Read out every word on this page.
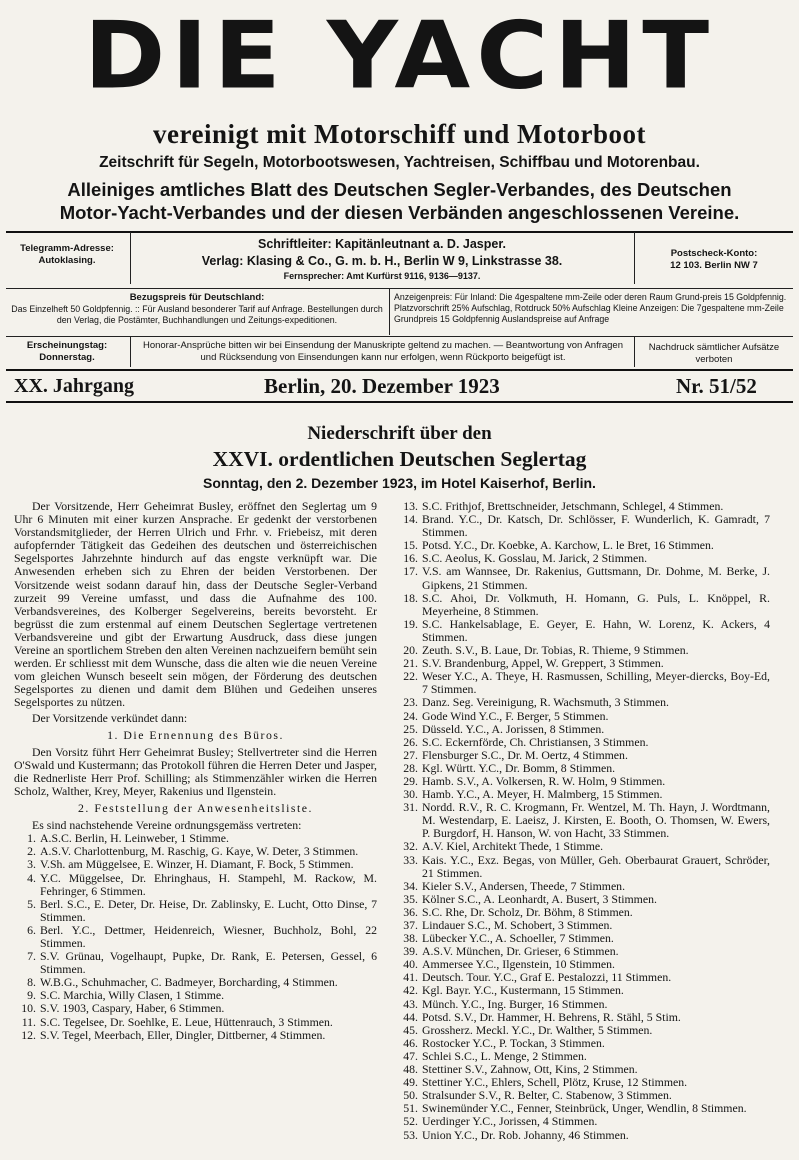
DIE YACHT
vereinigt mit Motorschiff und Motorboot
Zeitschrift für Segeln, Motorbootswesen, Yachtreisen, Schiffbau und Motorenbau.
Alleiniges amtliches Blatt des Deutschen Segler-Verbandes, des Deutschen
Motor-Yacht-Verbandes und der diesen Verbänden angeschlossenen Vereine.
Telegramm-Adresse:
Autoklasing.
Schriftleiter: Kapitänleutnant a. D. Jasper.
Verlag: Klasing & Co., G. m. b. H., Berlin W 9, Linkstrasse 38.
Fernsprecher: Amt Kurfürst 9116, 9136—9137.
Postscheck-Konto:
12 103. Berlin NW 7
Bezugspreis für Deutschland:
Das Einzelheft 50 Goldpfennig. :: Für Ausland besonderer Tarif auf Anfrage. Bestellungen durch den Verlag, die Postämter, Buchhandlungen und Zeitungs-expeditionen.
Anzeigenpreis: Für Inland: Die 4gespaltene mm-Zeile oder deren Raum Grund-preis 15 Goldpfennig. Platzvorschrift 25% Aufschlag, Rotdruck 50% Aufschlag Kleine Anzeigen: Die 7gespaltene mm-Zeile Grundpreis 15 Goldpfennig Auslandspreise auf Anfrage
Erscheinungstag:
Donnerstag.
Honorar-Ansprüche bitten wir bei Einsendung der Manuskripte geltend zu machen. — Beantwortung von Anfragen und Rücksendung von Einsendungen kann nur erfolgen, wenn Rückporto beigefügt ist.
Nachdruck sämtlicher Aufsätze verboten
XX. Jahrgang	Berlin, 20. Dezember 1923	Nr. 51/52
Niederschrift über den
XXVI. ordentlichen Deutschen Seglertag
Sonntag, den 2. Dezember 1923, im Hotel Kaiserhof, Berlin.

Der Vorsitzende, Herr Geheimrat Busley, eröffnet den Seglertag um 9 Uhr 6 Minuten mit einer kurzen Ansprache. Er gedenkt der verstorbenen Vorstandsmitglieder, der Herren Ulrich und Frhr. v. Friebeisz, mit deren aufopfernder Tätigkeit das Gedeihen des deutschen und österreichischen Segelsportes Jahrzehnte hindurch auf das engste verknüpft war. Die Anwesenden erheben sich zu Ehren der beiden Verstorbenen. Der Vorsitzende weist sodann darauf hin, dass der Deutsche Segler-Verband zurzeit 99 Vereine umfasst, und dass die Aufnahme des 100. Verbandsvereines, des Kolberger Segelvereins, bereits bevorsteht. Er begrüsst die zum erstenmal auf einem Deutschen Seglertage vertretenen Verbandsvereine und gibt der Erwartung Ausdruck, dass diese jungen Vereine an sportlichem Streben den alten Vereinen nachzueifern bemüht sein werden. Er schliesst mit dem Wunsche, dass die alten wie die neuen Vereine vom gleichen Wunsch beseelt sein mögen, der Förderung des deutschen Segelsportes zu dienen und damit dem Blühen und Gedeihen unseres Segelsportes zu nützen.

Der Vorsitzende verkündet dann:

1. Die Ernennung des Büros.

Den Vorsitz führt Herr Geheimrat Busley; Stellvertreter sind die Herren O'Swald und Kustermann; das Protokoll führen die Herren Deter und Jasper, die Rednerliste Herr Prof. Schilling; als Stimmenzähler wirken die Herren Scholz, Walther, Krey, Meyer, Rakenius und Ilgenstein.

2. Feststellung der Anwesenheitsliste.

Es sind nachstehende Vereine ordnungsgemäss vertreten:

1. A.S.C. Berlin, H. Leinweber, 1 Stimme.
2. A.S.V. Charlottenburg, M. Raschig, G. Kaye, W. Deter, 3 Stimmen.
3. V.Sh. am Müggelsee, E. Winzer, H. Diamant, F. Bock, 5 Stimmen.
4. Y.C. Müggelsee, Dr. Ehringhaus, H. Stampehl, M. Rackow, M. Fehringer, 6 Stimmen.
5. Berl. S.C., E. Deter, Dr. Heise, Dr. Zablinsky, E. Lucht, Otto Dinse, 7 Stimmen.
6. Berl. Y.C., Dettmer, Heidenreich, Wiesner, Buchholz, Bohl, 22 Stimmen.
7. S.V. Grünau, Vogelhaupt, Pupke, Dr. Rank, E. Petersen, Gessel, 6 Stimmen.
8. W.B.G., Schuhmacher, C. Badmeyer, Borcharding, 4 Stimmen.
9. S.C. Marchia, Willy Clasen, 1 Stimme.
10. S.V. 1903, Caspary, Haber, 6 Stimmen.
11. S.C. Tegelsee, Dr. Soehlke, E. Leue, Hüttenrauch, 3 Stimmen.
12. S.V. Tegel, Meerbach, Eller, Dingler, Dittberner, 4 Stimmen.
13. S.C. Frithjof, Brettschneider, Jetschmann, Schlegel, 4 Stimmen.
14. Brand. Y.C., Dr. Katsch, Dr. Schlösser, F. Wunderlich, K. Gamradt, 7 Stimmen.
15. Potsd. Y.C., Dr. Koebke, A. Karchow, L. le Bret, 16 Stimmen.
16. S.C. Aeolus, K. Gosslau, M. Jarick, 2 Stimmen.
17. V.S. am Wannsee, Dr. Rakenius, Guttsmann, Dr. Dohme, M. Berke, J. Gipkens, 21 Stimmen.
18. S.C. Ahoi, Dr. Volkmuth, H. Homann, G. Puls, L. Knöppel, R. Meyerheine, 8 Stimmen.
19. S.C. Hankelsablage, E. Geyer, E. Hahn, W. Lorenz, K. Ackers, 4 Stimmen.
20. Zeuth. S.V., B. Laue, Dr. Tobias, R. Thieme, 9 Stimmen.
21. S.V. Brandenburg, Appel, W. Greppert, 3 Stimmen.
22. Weser Y.C., A. Theye, H. Rasmussen, Schilling, Meyer-diercks, Boy-Ed, 7 Stimmen.
23. Danz. Seg. Vereinigung, R. Wachsmuth, 3 Stimmen.
24. Gode Wind Y.C., F. Berger, 5 Stimmen.
25. Düsseld. Y.C., A. Jorissen, 8 Stimmen.
26. S.C. Eckernförde, Ch. Christiansen, 3 Stimmen.
27. Flensburger S.C., Dr. M. Oertz, 4 Stimmen.
28. Kgl. Württ. Y.C., Dr. Bomm, 8 Stimmen.
29. Hamb. S.V., A. Volkersen, R. W. Holm, 9 Stimmen.
30. Hamb. Y.C., A. Meyer, H. Malmberg, 15 Stimmen.
31. Nordd. R.V., R. C. Krogmann, Fr. Wentzel, M. Th. Hayn, J. Wordtmann, M. Westendarp, E. Laeisz, J. Kirsten, E. Booth, O. Thomsen, W. Ewers, P. Burgdorf, H. Hanson, W. von Hacht, 33 Stimmen.
32. A.V. Kiel, Architekt Thede, 1 Stimme.
33. Kais. Y.C., Exz. Begas, von Müller, Geh. Oberbaurat Grauert, Schröder, 21 Stimmen.
34. Kieler S.V., Andersen, Theede, 7 Stimmen.
35. Kölner S.C., A. Leonhardt, A. Busert, 3 Stimmen.
36. S.C. Rhe, Dr. Scholz, Dr. Böhm, 8 Stimmen.
37. Lindauer S.C., M. Schobert, 3 Stimmen.
38. Lübecker Y.C., A. Schoeller, 7 Stimmen.
39. A.S.V. München, Dr. Grieser, 6 Stimmen.
40. Ammersee Y.C., Ilgenstein, 10 Stimmen.
41. Deutsch. Tour. Y.C., Graf E. Pestalozzi, 11 Stimmen.
42. Kgl. Bayr. Y.C., Kustermann, 15 Stimmen.
43. Münch. Y.C., Ing. Burger, 16 Stimmen.
44. Potsd. S.V., Dr. Hammer, H. Behrens, R. Stähl, 5 Stim.
45. Grossherz. Meckl. Y.C., Dr. Walther, 5 Stimmen.
46. Rostocker Y.C., P. Tockan, 3 Stimmen.
47. Schlei S.C., L. Menge, 2 Stimmen.
48. Stettiner S.V., Zahnow, Ott, Kins, 2 Stimmen.
49. Stettiner Y.C., Ehlers, Schell, Plötz, Kruse, 12 Stimmen.
50. Stralsunder S.V., R. Belter, C. Stabenow, 3 Stimmen.
51. Swinemünder Y.C., Fenner, Steinbrück, Unger, Wendlin, 8 Stimmen.
52. Uerdinger Y.C., Jorissen, 4 Stimmen.
53. Union Y.C., Dr. Rob. Johanny, 46 Stimmen.
